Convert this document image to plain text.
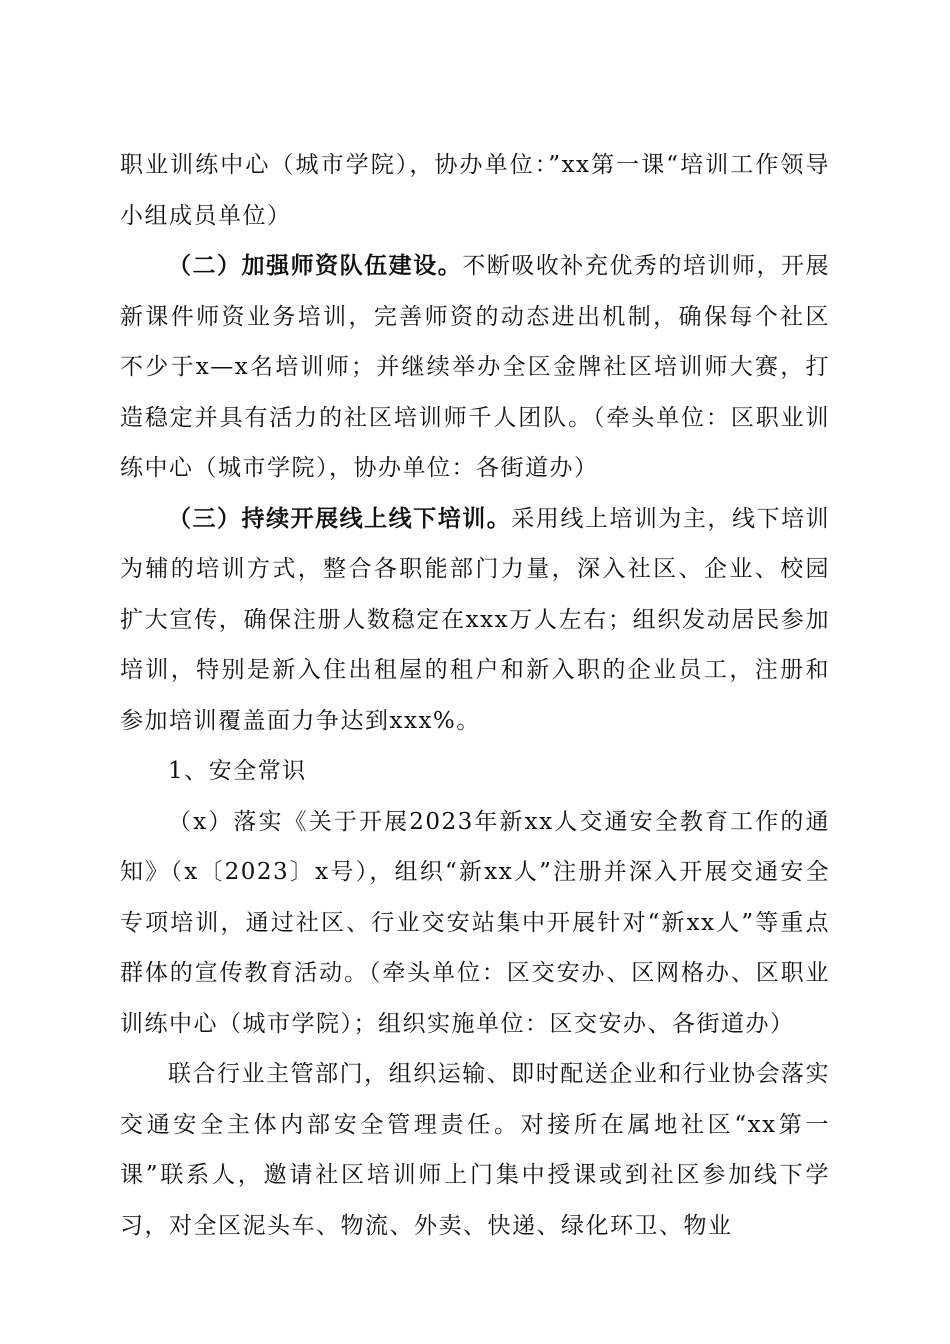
职业训练中心（城市学院），协办单位：”xx第一课“培训工作领导小组成员单位）

（二）加强师资队伍建设。不断吸收补充优秀的培训师，开展新课件师资业务培训，完善师资的动态进出机制，确保每个社区不少于x—x名培训师；并继续举办全区金牌社区培训师大赛，打造稳定并具有活力的社区培训师千人团队。（牵头单位：区职业训练中心（城市学院），协办单位：各街道办）

（三）持续开展线上线下培训。采用线上培训为主，线下培训为辅的培训方式，整合各职能部门力量，深入社区、企业、校园扩大宣传，确保注册人数稳定在xxx万人左右；组织发动居民参加培训，特别是新入住出租屋的租户和新入职的企业员工，注册和参加培训覆盖面力争达到xxx%。

1、安全常识

（x）落实《关于开展2023年新xx人交通安全教育工作的通知》（x〔2023〕x号），组织“新xx人”注册并深入开展交通安全专项培训，通过社区、行业交安站集中开展针对“新xx人”等重点群体的宣传教育活动。（牵头单位：区交安办、区网格办、区职业训练中心（城市学院）；组织实施单位：区交安办、各街道办）

联合行业主管部门，组织运输、即时配送企业和行业协会落实交通安全主体内部安全管理责任。对接所在属地社区“xx第一课”联系人，邀请社区培训师上门集中授课或到社区参加线下学习，对全区泥头车、物流、外卖、快递、绿化环卫、物业
